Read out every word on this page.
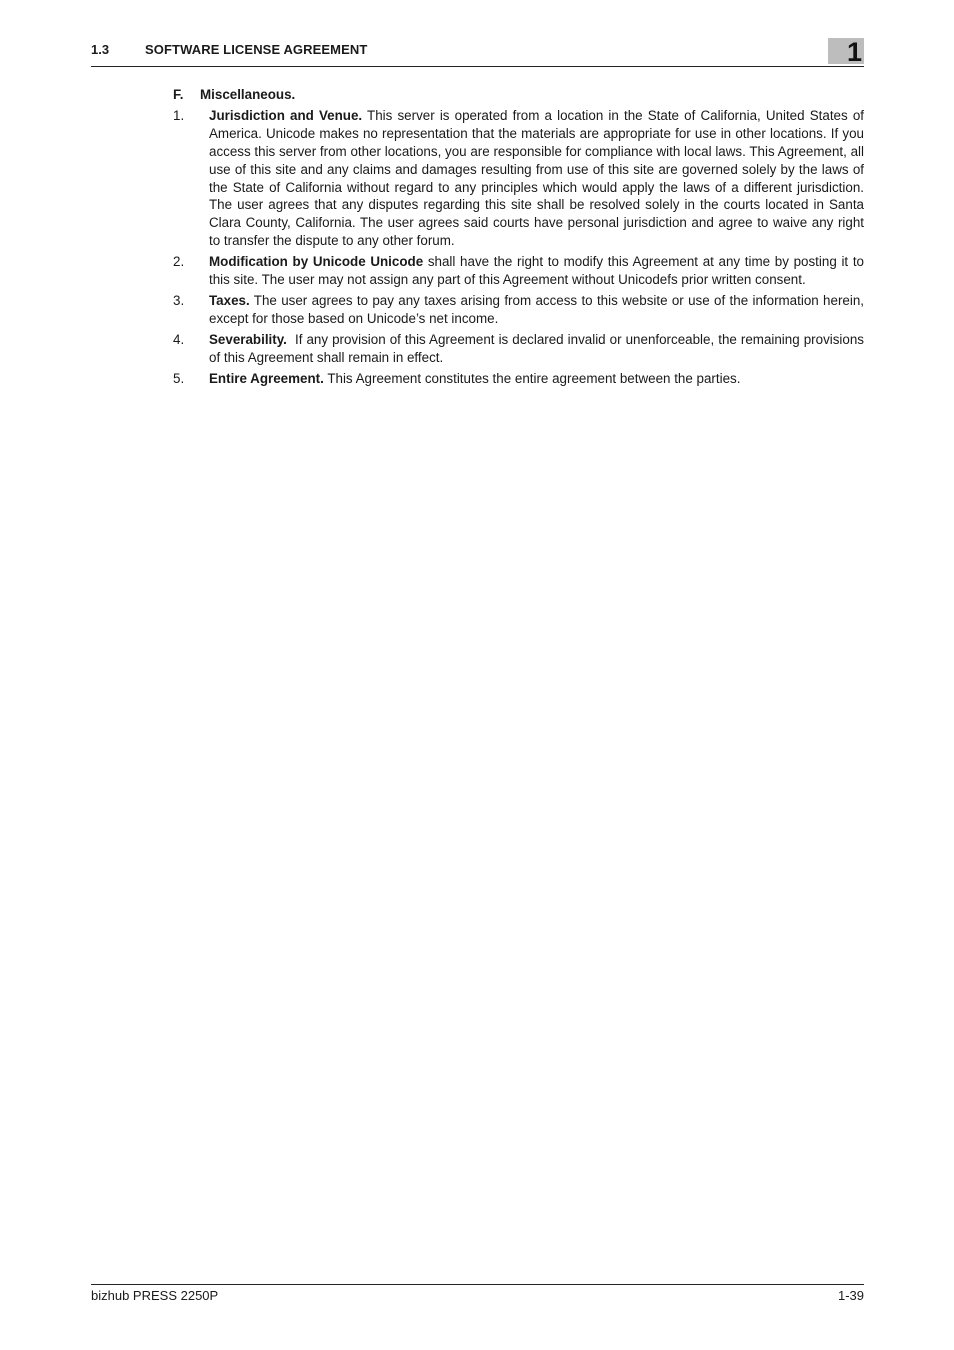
1.3	SOFTWARE LICENSE AGREEMENT	1
F.	Miscellaneous.
1.	Jurisdiction and Venue. This server is operated from a location in the State of California, United States of America. Unicode makes no representation that the materials are appropriate for use in other locations. If you access this server from other locations, you are responsible for compliance with local laws. This Agreement, all use of this site and any claims and damages resulting from use of this site are governed solely by the laws of the State of California without regard to any principles which would apply the laws of a different jurisdiction. The user agrees that any disputes regarding this site shall be resolved solely in the courts located in Santa Clara County, California. The user agrees said courts have personal jurisdiction and agree to waive any right to transfer the dispute to any other forum.
2.	Modification by Unicode Unicode shall have the right to modify this Agreement at any time by posting it to this site. The user may not assign any part of this Agreement without Unicodefs prior written consent.
3.	Taxes. The user agrees to pay any taxes arising from access to this website or use of the information herein, except for those based on Unicode’s net income.
4.	Severability.  If any provision of this Agreement is declared invalid or unenforceable, the remaining provisions of this Agreement shall remain in effect.
5.	Entire Agreement. This Agreement constitutes the entire agreement between the parties.
bizhub PRESS 2250P	1-39
